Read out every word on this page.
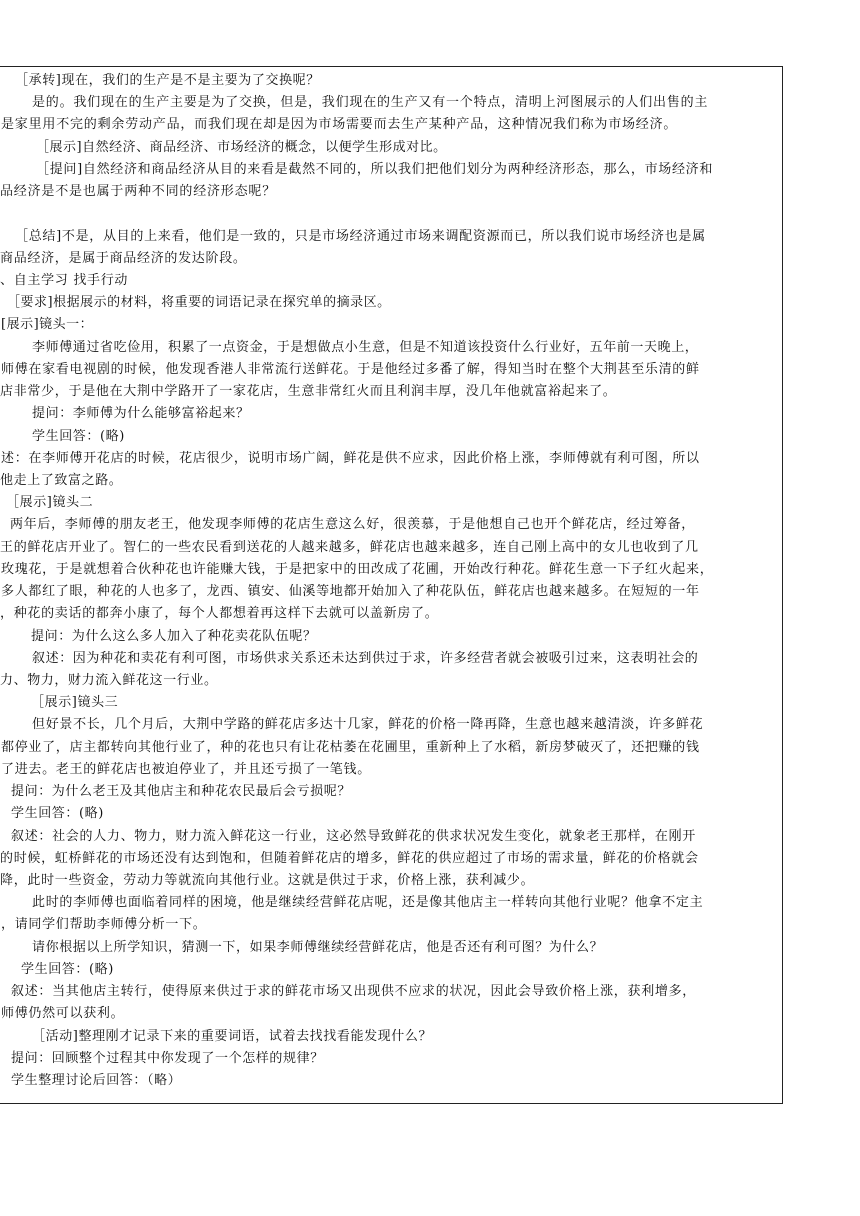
［承转]现在，我们的生产是不是主要为了交换呢？
是的。我们现在的生产主要是为了交换，但是，我们现在的生产又有一个特点，清明上河图展示的人们出售的主
是家里用不完的剩余劳动产品，而我们现在却是因为市场需要而去生产某种产品，这种情况我们称为市场经济。
［展示]自然经济、商品经济、市场经济的概念，以便学生形成对比。
［提问]自然经济和商品经济从目的来看是截然不同的，所以我们把他们划分为两种经济形态，那么，市场经济和
品经济是不是也属于两种不同的经济形态呢？
［总结]不是，从目的上来看，他们是一致的，只是市场经济通过市场来调配资源而已，所以我们说市场经济也是属
商品经济，是属于商品经济的发达阶段。
、自主学习 找手行动
［要求]根据展示的材料，将重要的词语记录在探究单的摘录区。
[展示]镜头一：
李师傅通过省吃俭用，积累了一点资金，于是想做点小生意，但是不知道该投资什么行业好，五年前一天晚上，
师傅在家看电视剧的时候，他发现香港人非常流行送鲜花。于是他经过多番了解，得知当时在整个大荆甚至乐清的鲜
店非常少，于是他在大荆中学路开了一家花店，生意非常红火而且利润丰厚，没几年他就富裕起来了。
提问：李师傅为什么能够富裕起来？
学生回答：(略)
述：在李师傅开花店的时候，花店很少，说明市场广阔，鲜花是供不应求，因此价格上涨，李师傅就有利可图，所以
他走上了致富之路。
［展示]镜头二
两年后，李师傅的朋友老王，他发现李师傅的花店生意这么好，很羡慕，于是他想自己也开个鲜花店，经过筹备，
王的鲜花店开业了。智仁的一些农民看到送花的人越来越多，鲜花店也越来越多，连自己刚上高中的女儿也收到了几
玫瑰花，于是就想着合伙种花也许能赚大钱，于是把家中的田改成了花圃，开始改行种花。鲜花生意一下子红火起来，
多人都红了眼，种花的人也多了，龙西、镇安、仙溪等地都开始加入了种花队伍，鲜花店也越来越多。在短短的一年
，种花的卖话的都奔小康了，每个人都想着再这样下去就可以盖新房了。
提问：为什么这么多人加入了种花卖花队伍呢？
叙述：因为种花和卖花有利可图，市场供求关系还未达到供过于求，许多经营者就会被吸引过来，这表明社会的
力、物力，财力流入鲜花这一行业。
［展示]镜头三
但好景不长，几个月后，大荆中学路的鲜花店多达十几家，鲜花的价格一降再降，生意也越来越清淡，许多鲜花
都停业了，店主都转向其他行业了，种的花也只有让花枯萎在花圃里，重新种上了水稻，新房梦破灭了，还把赚的钱
了进去。老王的鲜花店也被迫停业了，并且还亏损了一笔钱。
提问：为什么老王及其他店主和种花农民最后会亏损呢？
学生回答：(略)
叙述：社会的人力、物力，财力流入鲜花这一行业，这必然导致鲜花的供求状况发生变化，就象老王那样，在刚开
的时候，虹桥鲜花的市场还没有达到饱和，但随着鲜花店的增多，鲜花的供应超过了市场的需求量，鲜花的价格就会
降，此时一些资金，劳动力等就流向其他行业。这就是供过于求，价格上涨，获利减少。
此时的李师傅也面临着同样的困境，他是继续经营鲜花店呢，还是像其他店主一样转向其他行业呢？他拿不定主
，请同学们帮助李师傅分析一下。
请你根据以上所学知识，猜测一下，如果李师傅继续经营鲜花店，他是否还有利可图？为什么？
学生回答：(略)
叙述：当其他店主转行，使得原来供过于求的鲜花市场又出现供不应求的状况，因此会导致价格上涨，获利增多，
师傅仍然可以获利。
［活动]整理刚才记录下来的重要词语，试着去找找看能发现什么？
提问：回顾整个过程其中你发现了一个怎样的规律？
学生整理讨论后回答：（略）
